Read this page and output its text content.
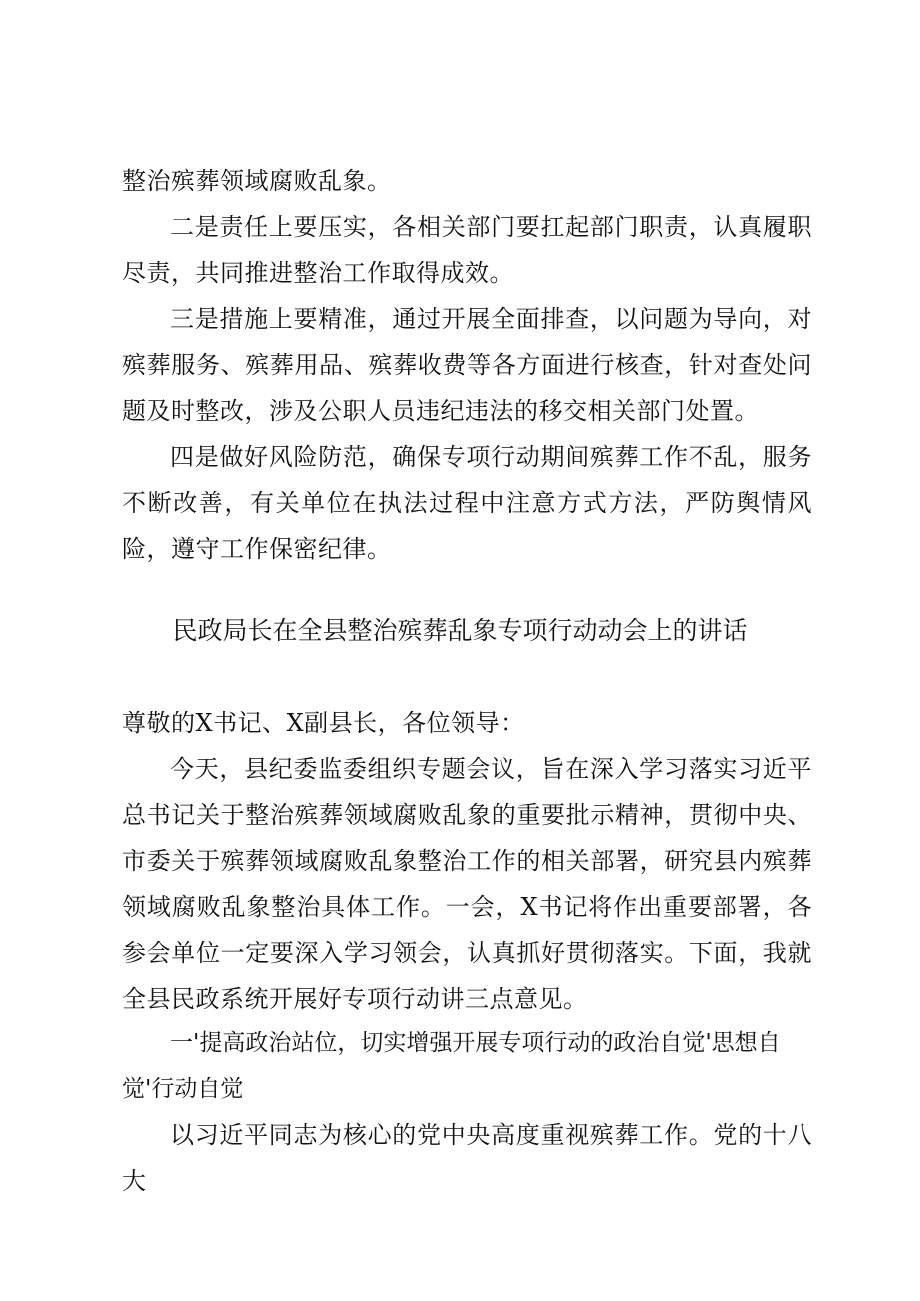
整治殡葬领域腐败乱象。

二是责任上要压实，各相关部门要扛起部门职责，认真履职尽责，共同推进整治工作取得成效。

三是措施上要精准，通过开展全面排查，以问题为导向，对殡葬服务、殡葬用品、殡葬收费等各方面进行核查，针对查处问题及时整改，涉及公职人员违纪违法的移交相关部门处置。

四是做好风险防范，确保专项行动期间殡葬工作不乱，服务不断改善，有关单位在执法过程中注意方式方法，严防舆情风险，遵守工作保密纪律。

民政局长在全县整治殡葬乱象专项行动动会上的讲话

尊敬的X书记、X副县长，各位领导：

今天，县纪委监委组织专题会议，旨在深入学习落实习近平总书记关于整治殡葬领域腐败乱象的重要批示精神，贯彻中央、市委关于殡葬领域腐败乱象整治工作的相关部署，研究县内殡葬领域腐败乱象整治具体工作。一会，X书记将作出重要部署，各参会单位一定要深入学习领会，认真抓好贯彻落实。下面，我就全县民政系统开展好专项行动讲三点意见。

一'提高政治站位，切实增强开展专项行动的政治自觉'思想自觉'行动自觉

以习近平同志为核心的党中央高度重视殡葬工作。党的十八大
